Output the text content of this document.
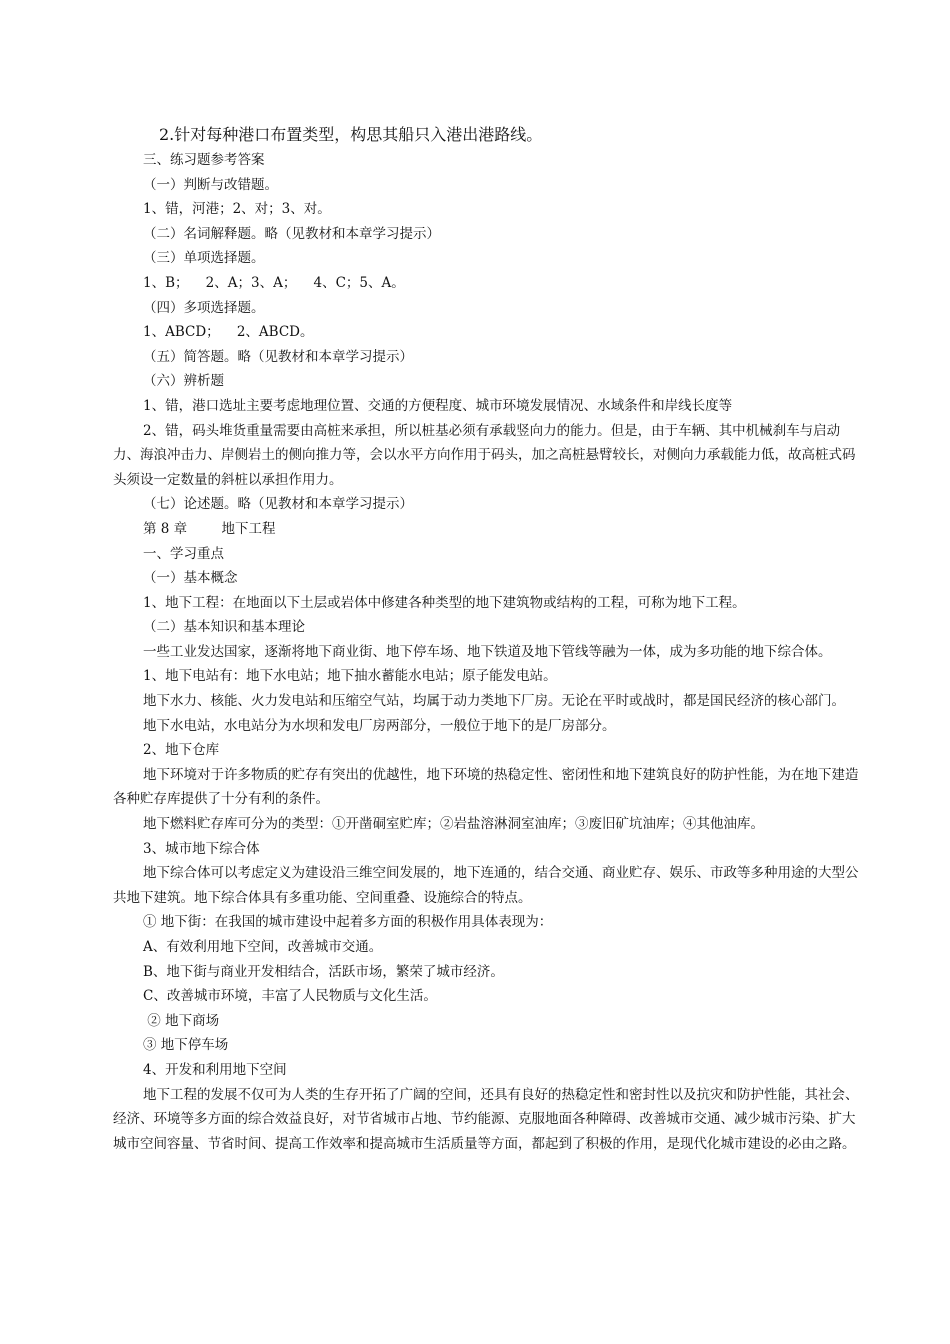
2.针对每种港口布置类型，构思其船只入港出港路线。

三、练习题参考答案

（一）判断与改错题。

1、错，河港；2、对；3、对。

（二）名词解释题。略（见教材和本章学习提示）

（三）单项选择题。

1、B；    2、A；3、A；    4、C；5、A。

（四）多项选择题。

1、ABCD；    2、ABCD。

（五）简答题。略（见教材和本章学习提示）

（六）辨析题

1、错，港口选址主要考虑地理位置、交通的方便程度、城市环境发展情况、水域条件和岸线长度等

2、错，码头堆货重量需要由高桩来承担，所以桩基必须有承载竖向力的能力。但是，由于车辆、其中机械刹车与启动力、海浪冲击力、岸侧岩土的侧向推力等，会以水平方向作用于码头，加之高桩悬臂较长，对侧向力承载能力低，故高桩式码头须设一定数量的斜桩以承担作用力。

（七）论述题。略（见教材和本章学习提示）

第 8 章        地下工程

一、学习重点

（一）基本概念

1、地下工程：在地面以下土层或岩体中修建各种类型的地下建筑物或结构的工程，可称为地下工程。

（二）基本知识和基本理论

一些工业发达国家，逐渐将地下商业街、地下停车场、地下铁道及地下管线等融为一体，成为多功能的地下综合体。

1、地下电站有：地下水电站；地下抽水蓄能水电站；原子能发电站。

地下水力、核能、火力发电站和压缩空气站，均属于动力类地下厂房。无论在平时或战时，都是国民经济的核心部门。

地下水电站，水电站分为水坝和发电厂房两部分，一般位于地下的是厂房部分。

2、地下仓库

地下环境对于许多物质的贮存有突出的优越性，地下环境的热稳定性、密闭性和地下建筑良好的防护性能，为在地下建造各种贮存库提供了十分有利的条件。

地下燃料贮存库可分为的类型：①开凿硐室贮库；②岩盐溶淋洞室油库；③废旧矿坑油库；④其他油库。

3、城市地下综合体

地下综合体可以考虑定义为建设沿三维空间发展的，地下连通的，结合交通、商业贮存、娱乐、市政等多种用途的大型公共地下建筑。地下综合体具有多重功能、空间重叠、设施综合的特点。

① 地下街：在我国的城市建设中起着多方面的积极作用具体表现为：

A、有效利用地下空间，改善城市交通。

B、地下街与商业开发相结合，活跃市场，繁荣了城市经济。

C、改善城市环境，丰富了人民物质与文化生活。

② 地下商场

③ 地下停车场

4、开发和利用地下空间

地下工程的发展不仅可为人类的生存开拓了广阔的空间，还具有良好的热稳定性和密封性以及抗灾和防护性能，其社会、经济、环境等多方面的综合效益良好，对节省城市占地、节约能源、克服地面各种障碍、改善城市交通、减少城市污染、扩大城市空间容量、节省时间、提高工作效率和提高城市生活质量等方面，都起到了积极的作用，是现代化城市建设的必由之路。
